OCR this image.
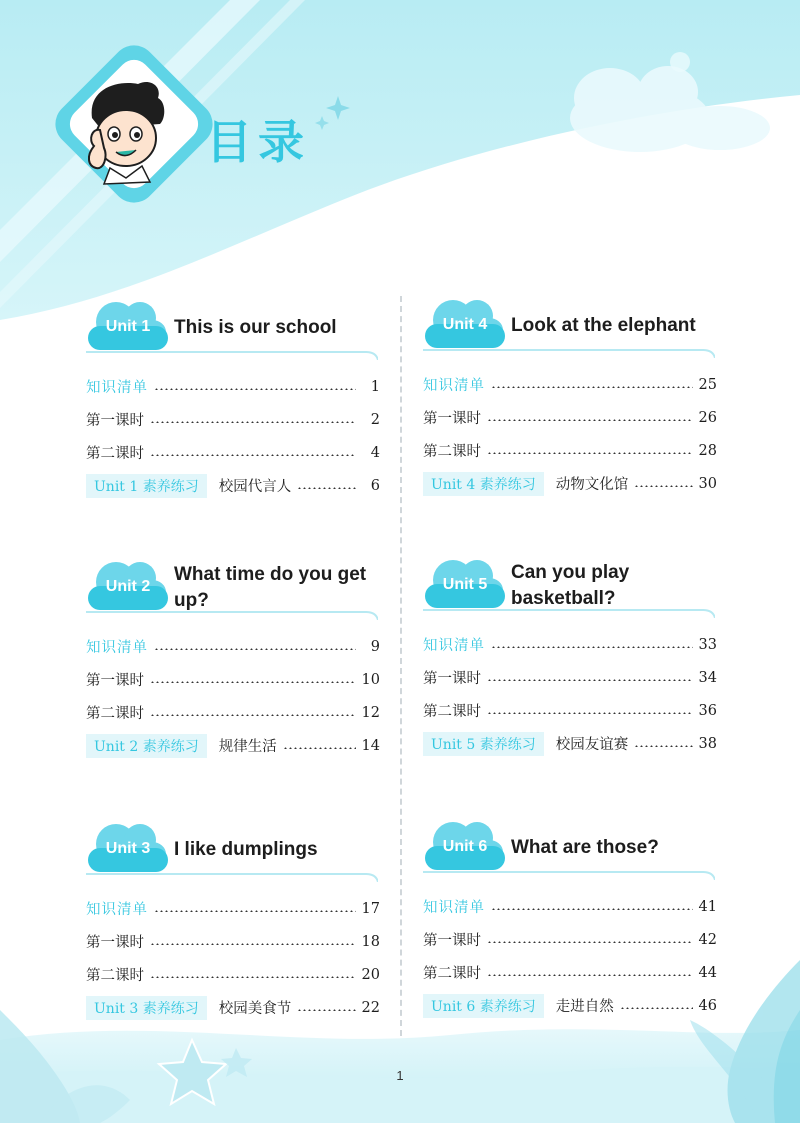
目录
Unit 1	This is our school
知识清单	1
第一课时	2
第二课时	4
Unit 1 素养练习	校园代言人	6
Unit 2
What time do you get up?
知识清单	9
第一课时	10
第二课时	12
Unit 2 素养练习	规律生活	14
Unit 3	I like dumplings
知识清单	17
第一课时	18
第二课时	20
Unit 3 素养练习	校园美食节	22
Unit 4	Look at the elephant
知识清单	25
第一课时	26
第二课时	28
Unit 4 素养练习	动物文化馆	30
Unit 5
Can you play basketball?
知识清单	33
第一课时	34
第二课时	36
Unit 5 素养练习	校园友谊赛	38
Unit 6	What are those?
知识清单	41
第一课时	42
第二课时	44
Unit 6 素养练习	走进自然	46
1
